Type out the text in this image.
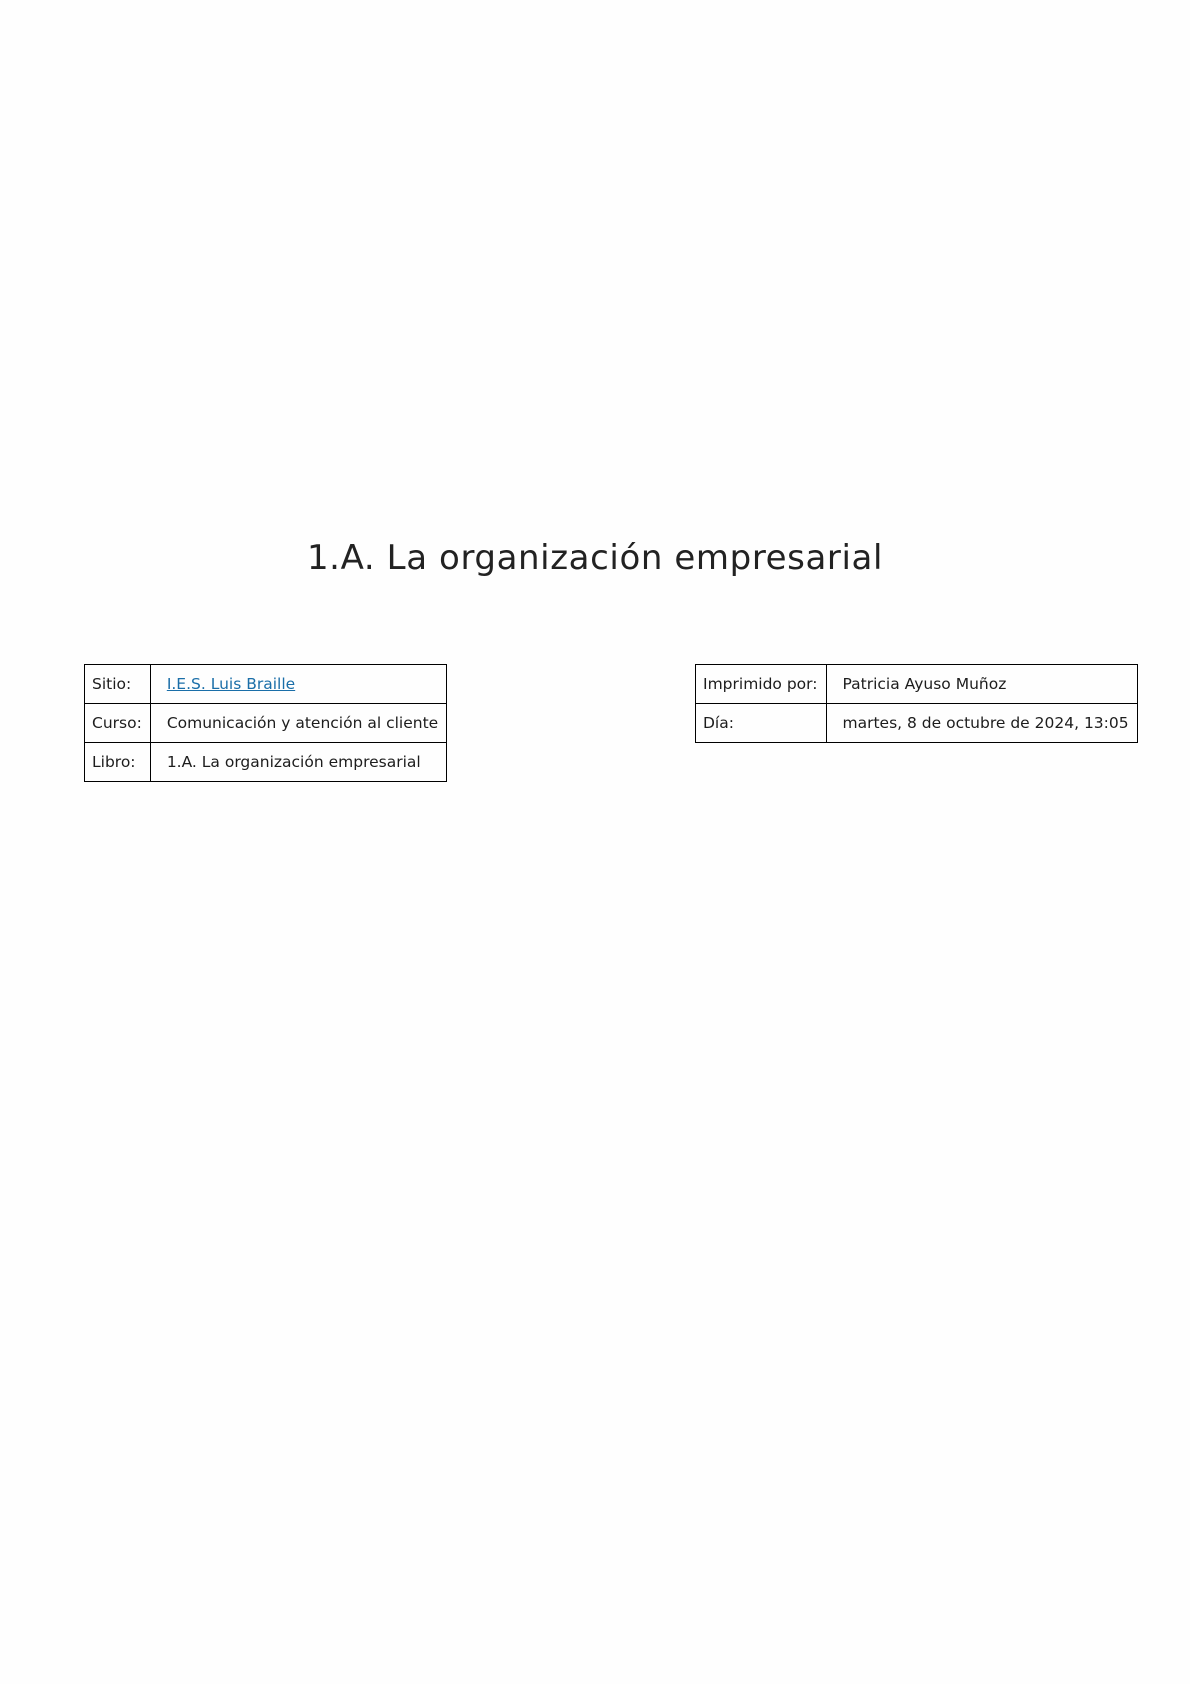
1.A. La organización empresarial
Sitio:	I.E.S. Luis Braille
Curso:	Comunicación y atención al cliente
Libro:	1.A. La organización empresarial
Imprimido por:	Patricia Ayuso Muñoz
Día:	martes, 8 de octubre de 2024, 13:05
